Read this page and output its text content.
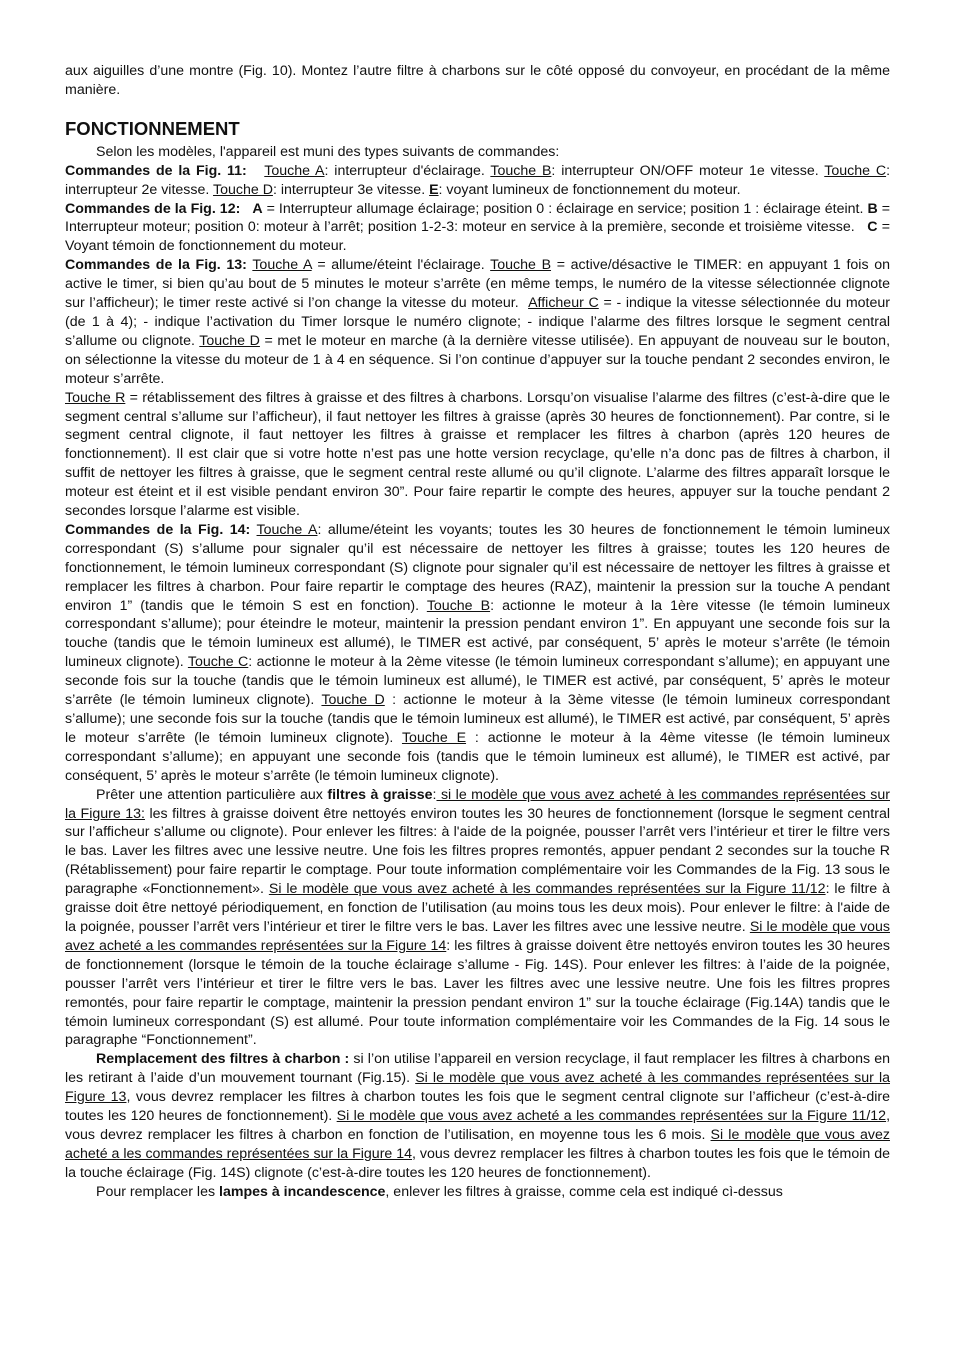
aux aiguilles d’une montre (Fig. 10). Montez l’autre filtre à charbons sur le côté opposé du convoyeur, en procédant de la même manière.

FONCTIONNEMENT

Selon les modèles, l'appareil est muni des types suivants de commandes:

Commandes de la Fig. 11: Touche A: interrupteur d'éclairage. Touche B: interrupteur ON/OFF moteur 1e vitesse. Touche C: interrupteur 2e vitesse. Touche D: interrupteur 3e vitesse. E: voyant lumineux de fonctionnement du moteur.

Commandes de la Fig. 12: A = Interrupteur allumage éclairage; position 0 : éclairage en service; position 1 : éclairage éteint. B = Interrupteur moteur; position 0: moteur à l’arrêt; position 1-2-3: moteur en service à la première, seconde et troisième vitesse.   C = Voyant témoin de fonctionnement du moteur.

Commandes de la Fig. 13: Touche A = allume/éteint l'éclairage. Touche B = active/désactive le TIMER: en appuyant 1 fois on active le timer, si bien qu’au bout de 5 minutes le moteur s’arrête (en même temps, le numéro de la vitesse sélectionnée clignote sur l’afficheur); le timer reste activé si l’on change la vitesse du moteur.  Afficheur C = - indique la vitesse sélectionnée du moteur (de 1 à 4); - indique l’activation du Timer lorsque le numéro clignote; - indique l’alarme des filtres lorsque le segment central s’allume ou clignote. Touche D = met le moteur en marche (à la dernière vitesse utilisée). En appuyant de nouveau sur le bouton, on sélectionne la vitesse du moteur de 1 à 4 en séquence. Si l’on continue d’appuyer sur la touche pendant 2 secondes environ, le moteur s’arrête.

Touche R = rétablissement des filtres à graisse et des filtres à charbons. Lorsqu’on visualise l’alarme des filtres (c’est-à-dire que le segment central s’allume sur l’afficheur), il faut nettoyer les filtres à graisse (après 30 heures de fonctionnement). Par contre, si le segment central clignote, il faut nettoyer les filtres à graisse et remplacer les filtres à charbon (après 120 heures de fonctionnement). Il est clair que si votre hotte n’est pas une hotte version recyclage, qu’elle n’a donc pas de filtres à charbon, il suffit de nettoyer les filtres à graisse, que le segment central reste allumé ou qu’il clignote. L’alarme des filtres apparaît lorsque le moteur est éteint et il est visible pendant environ 30”. Pour faire repartir le compte des heures, appuyer sur la touche pendant 2 secondes lorsque l’alarme est visible.

Commandes de la Fig. 14: Touche A: allume/éteint les voyants; toutes les 30 heures de fonctionnement le témoin lumineux correspondant (S) s’allume pour signaler qu’il est nécessaire de nettoyer les filtres à graisse; toutes les 120 heures de fonctionnement, le témoin lumineux correspondant (S) clignote pour signaler qu’il est nécessaire de nettoyer les filtres à graisse et remplacer les filtres à charbon. Pour faire repartir le comptage des heures (RAZ), maintenir la pression sur la touche A pendant environ 1” (tandis que le témoin S est en fonction). Touche B: actionne le moteur à la 1ère vitesse (le témoin lumineux correspondant s’allume); pour éteindre le moteur, maintenir la pression pendant environ 1”. En appuyant une seconde fois sur la touche (tandis que le témoin lumineux est allumé), le TIMER est activé, par conséquent, 5’ après le moteur s’arrête (le témoin lumineux clignote). Touche C: actionne le moteur à la 2ème vitesse (le témoin lumineux correspondant s’allume); en appuyant une seconde fois sur la touche (tandis que le témoin lumineux est allumé), le TIMER est activé, par conséquent, 5’ après le moteur s’arrête (le témoin lumineux clignote). Touche D : actionne le moteur à la 3ème vitesse (le témoin lumineux correspondant s’allume); une seconde fois sur la touche (tandis que le témoin lumineux est allumé), le TIMER est activé, par conséquent, 5’ après le moteur s’arrête (le témoin lumineux clignote). Touche E : actionne le moteur à la 4ème vitesse (le témoin lumineux correspondant s’allume); en appuyant une seconde fois (tandis que le témoin lumineux est allumé), le TIMER est activé, par conséquent, 5’ après le moteur s’arrête (le témoin lumineux clignote).

Prêter une attention particulière aux filtres à graisse: si le modèle que vous avez acheté à les commandes représentées sur la Figure 13: les filtres à graisse doivent être nettoyés environ toutes les 30 heures de fonctionnement (lorsque le segment central sur l’afficheur s’allume ou clignote). Pour enlever les filtres: à l'aide de la poignée, pousser l’arrêt vers l’intérieur et tirer le filtre vers le bas. Laver les filtres avec une lessive neutre. Une fois les filtres propres remontés, appuer pendant 2 secondes sur la touche R (Rétablissement) pour faire repartir le comptage. Pour toute information complémentaire voir les Commandes de la Fig. 13 sous le paragraphe «Fonctionnement». Si le modèle que vous avez acheté à les commandes représentées sur la Figure 11/12: le filtre à graisse doit être nettoyé périodiquement, en fonction de l’utilisation (au moins tous les deux mois). Pour enlever le filtre: à l'aide de la poignée, pousser l’arrêt vers l’intérieur et tirer le filtre vers le bas. Laver les filtres avec une lessive neutre. Si le modèle que vous avez acheté a les commandes représentées sur la Figure 14: les filtres à graisse doivent être nettoyés environ toutes les 30 heures de fonctionnement (lorsque le témoin de la touche éclairage s’allume - Fig. 14S). Pour enlever les filtres: à l’aide de la poignée, pousser l’arrêt vers l’intérieur et tirer le filtre vers le bas. Laver les filtres avec une lessive neutre. Une fois les filtres propres remontés, pour faire repartir le comptage, maintenir la pression pendant environ 1” sur la touche éclairage (Fig.14A) tandis que le témoin lumineux correspondant (S) est allumé. Pour toute information complémentaire voir les Commandes de la Fig. 14 sous le paragraphe “Fonctionnement”.

Remplacement des filtres à charbon : si l’on utilise l’appareil en version recyclage, il faut remplacer les filtres à charbons en les retirant à l’aide d’un mouvement tournant (Fig.15). Si le modèle que vous avez acheté à les commandes représentées sur la Figure 13, vous devrez remplacer les filtres à charbon toutes les fois que le segment central clignote sur l’afficheur (c’est-à-dire toutes les 120 heures de fonctionnement). Si le modèle que vous avez acheté a les commandes représentées sur la Figure 11/12, vous devrez remplacer les filtres à charbon en fonction de l’utilisation, en moyenne tous les 6 mois. Si le modèle que vous avez acheté a les commandes représentées sur la Figure 14, vous devrez remplacer les filtres à charbon toutes les fois que le témoin de la touche éclairage (Fig. 14S) clignote (c’est-à-dire toutes les 120 heures de fonctionnement).

Pour remplacer les lampes à incandescence, enlever les filtres à graisse, comme cela est indiqué cì-dessus
